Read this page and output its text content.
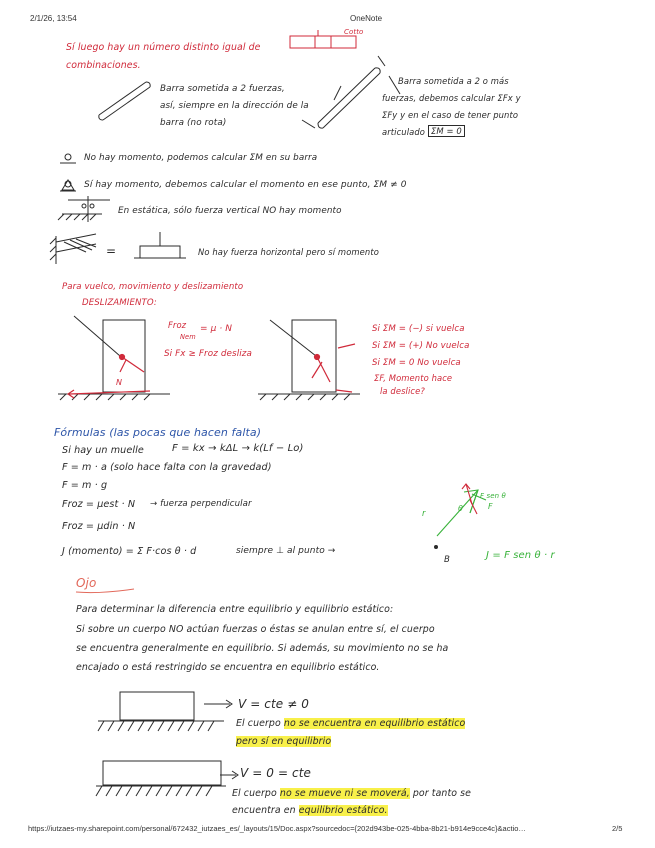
2/1/26, 13:54	OneNote
https://iutzaes-my.sharepoint.com/personal/672432_iutzaes_es/_layouts/15/Doc.aspx?sourcedoc={202d943be-025-4bba-8b21-b914e9cce4c}&actio…	2/5
Cotto
Sí luego hay un número distinto igual de
combinaciones.
Barra sometida a 2 fuerzas,
así, siempre en la dirección de la
barra (no rota)
Barra sometida a 2 o más
fuerzas, debemos calcular ΣFx y
ΣFy y en el caso de tener punto
articulado ΣM = 0
No hay momento, podemos calcular ΣM en su barra
Sí hay momento, debemos calcular el momento en ese punto, ΣM ≠ 0
En estática, sólo fuerza vertical NO hay momento
=	No hay fuerza horizontal pero sí momento
Para vuelco, movimiento y deslizamiento
DESLIZAMIENTO:
Froz
Nem
= μ · N
Si Fx ≥ Froz desliza
N
Si ΣM = (−) si vuelca
Si ΣM = (+) No vuelca
Si ΣM = 0 No vuelca
ΣF, Momento hace
la deslice?
Fórmulas (las pocas que hacen falta)
Si hay un muelle	F = kx → kΔL → k(Lf − Lo)
F = m · a (solo hace falta con la gravedad)
F = m · g
Froz = μest · N → fuerza perpendicular
Froz = μdin · N
J (momento) = Σ F·cos θ · d	siempre ⊥ al punto →
r	θ	F
F sen θ
B	J = F sen θ · r
Ojo
Para determinar la diferencia entre equilibrio y equilibrio estático:
Si sobre un cuerpo NO actúan fuerzas o éstas se anulan entre sí, el cuerpo
se encuentra generalmente en equilibrio. Si además, su movimiento no se ha
encajado o está restringido se encuentra en equilibrio estático.
V = cte ≠ 0
El cuerpo no se encuentra en equilibrio estático
pero sí en equilibrio
V = 0 = cte
El cuerpo no se mueve ni se moverá, por tanto se
encuentra en equilibrio estático.
